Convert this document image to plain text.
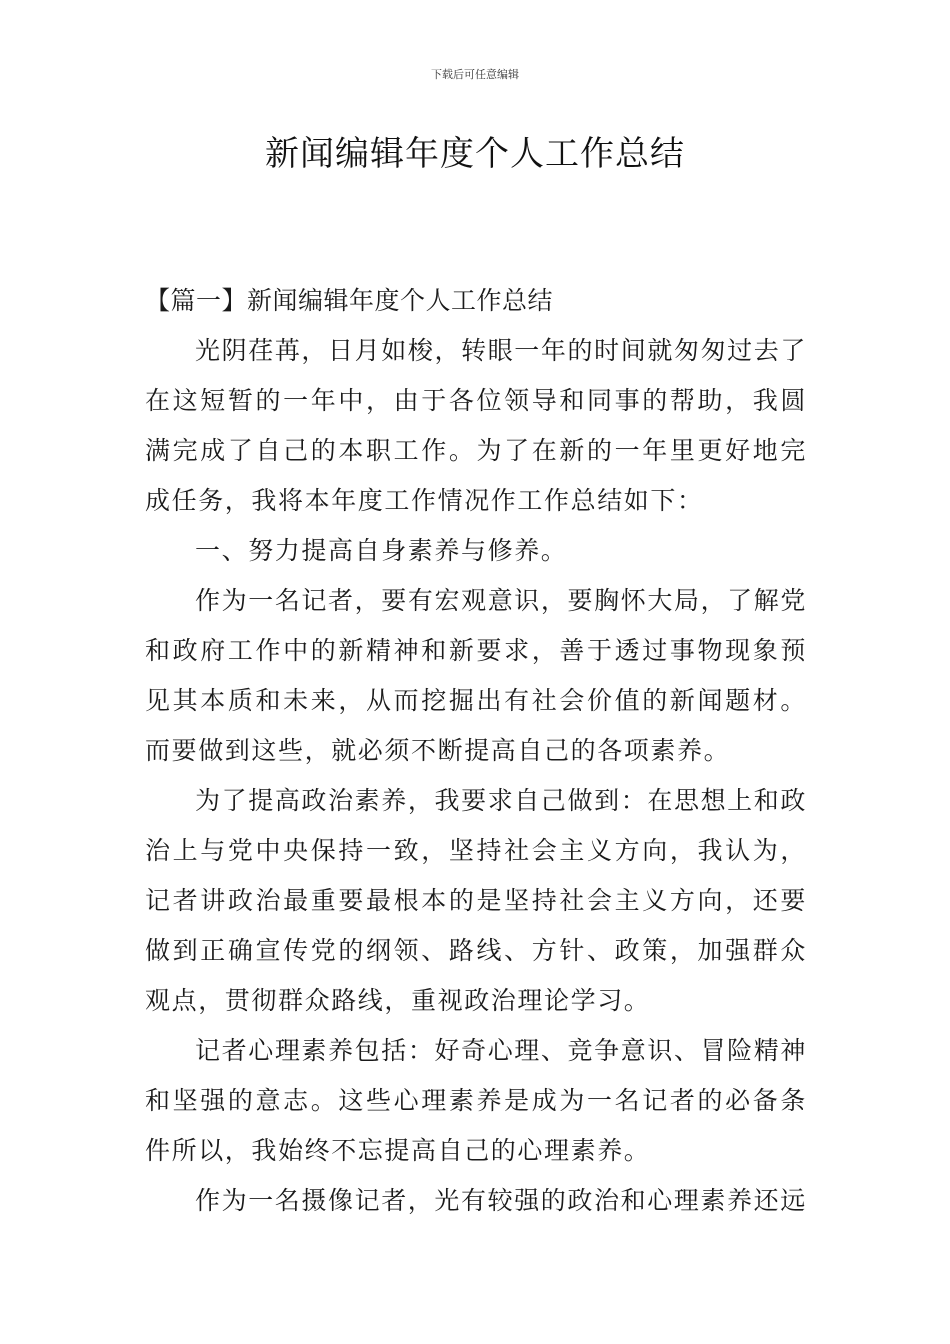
下载后可任意编辑
新闻编辑年度个人工作总结

【篇一】新闻编辑年度个人工作总结

光阴荏苒，日月如梭，转眼一年的时间就匆匆过去了在这短暂的一年中，由于各位领导和同事的帮助，我圆满完成了自己的本职工作。为了在新的一年里更好地完成任务，我将本年度工作情况作工作总结如下：

一、努力提高自身素养与修养。

作为一名记者，要有宏观意识，要胸怀大局，了解党和政府工作中的新精神和新要求，善于透过事物现象预见其本质和未来，从而挖掘出有社会价值的新闻题材。而要做到这些，就必须不断提高自己的各项素养。

为了提高政治素养，我要求自己做到：在思想上和政治上与党中央保持一致，坚持社会主义方向，我认为，记者讲政治最重要最根本的是坚持社会主义方向，还要做到正确宣传党的纲领、路线、方针、政策，加强群众观点，贯彻群众路线，重视政治理论学习。

记者心理素养包括：好奇心理、竞争意识、冒险精神和坚强的意志。这些心理素养是成为一名记者的必备条件所以，我始终不忘提高自己的心理素养。

作为一名摄像记者，光有较强的政治和心理素养还远
